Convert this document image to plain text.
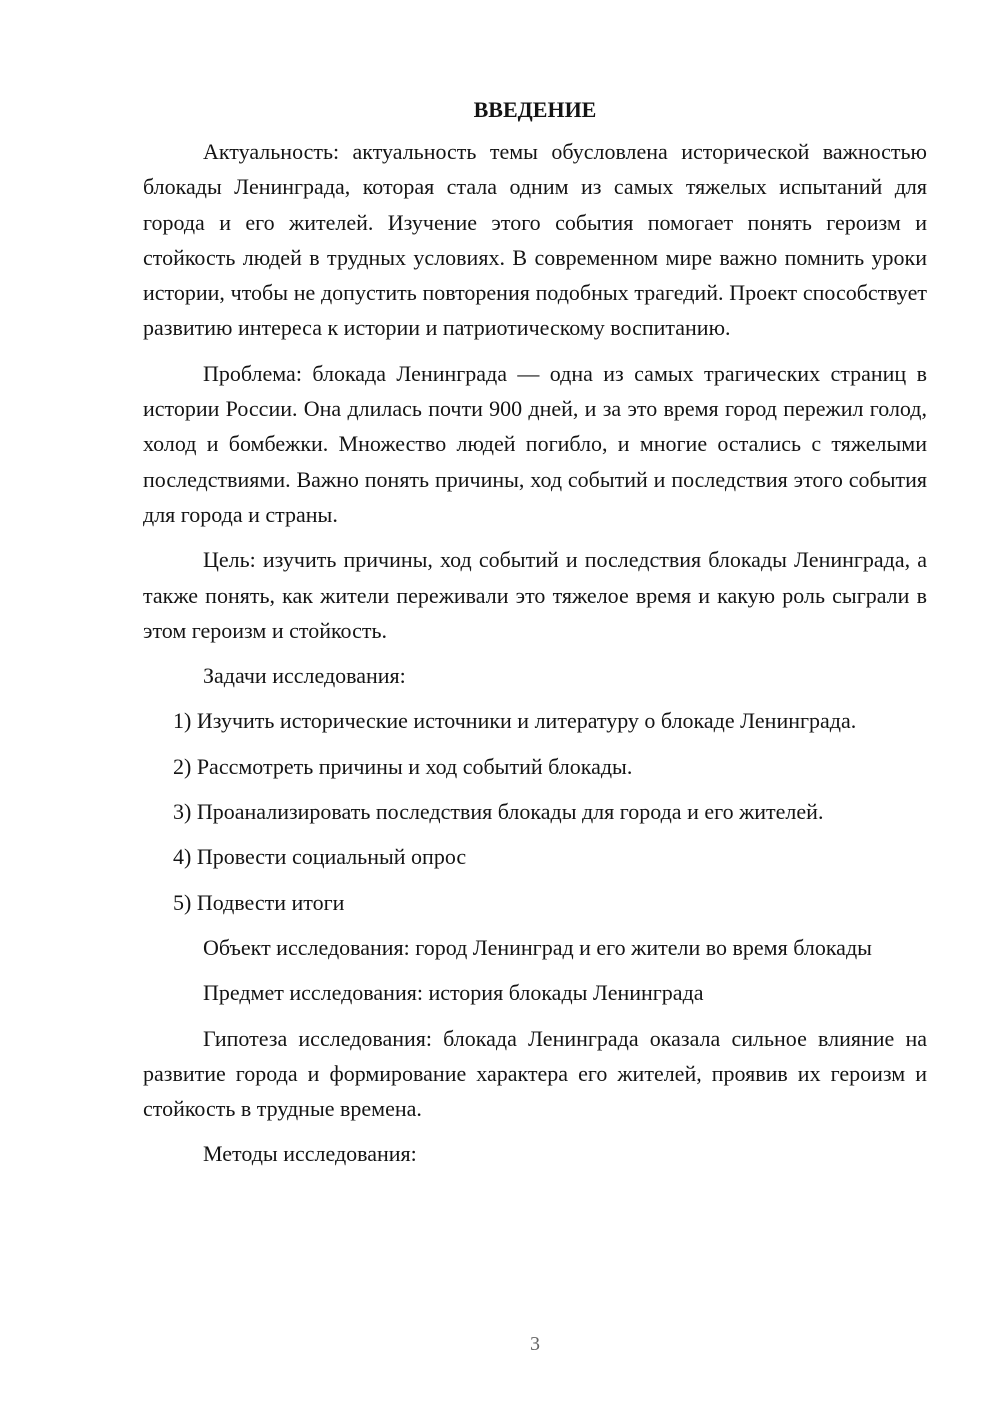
ВВЕДЕНИЕ

Актуальность: актуальность темы обусловлена исторической важностью блокады Ленинграда, которая стала одним из самых тяжелых испытаний для города и его жителей. Изучение этого события помогает понять героизм и стойкость людей в трудных условиях. В современном мире важно помнить уроки истории, чтобы не допустить повторения подобных трагедий. Проект способствует развитию интереса к истории и патриотическому воспитанию.

Проблема: блокада Ленинграда — одна из самых трагических страниц в истории России. Она длилась почти 900 дней, и за это время город пережил голод, холод и бомбежки. Множество людей погибло, и многие остались с тяжелыми последствиями. Важно понять причины, ход событий и последствия этого события для города и страны.

Цель: изучить причины, ход событий и последствия блокады Ленинграда, а также понять, как жители переживали это тяжелое время и какую роль сыграли в этом героизм и стойкость.

Задачи исследования:

1) Изучить исторические источники и литературу о блокаде Ленинграда.

2) Рассмотреть причины и ход событий блокады.

3) Проанализировать последствия блокады для города и его жителей.

4) Провести социальный опрос

5) Подвести итоги

Объект исследования: город Ленинград и его жители во время блокады

Предмет исследования: история блокады Ленинграда

Гипотеза исследования: блокада Ленинграда оказала сильное влияние на развитие города и формирование характера его жителей, проявив их героизм и стойкость в трудные времена.

Методы исследования:

3
